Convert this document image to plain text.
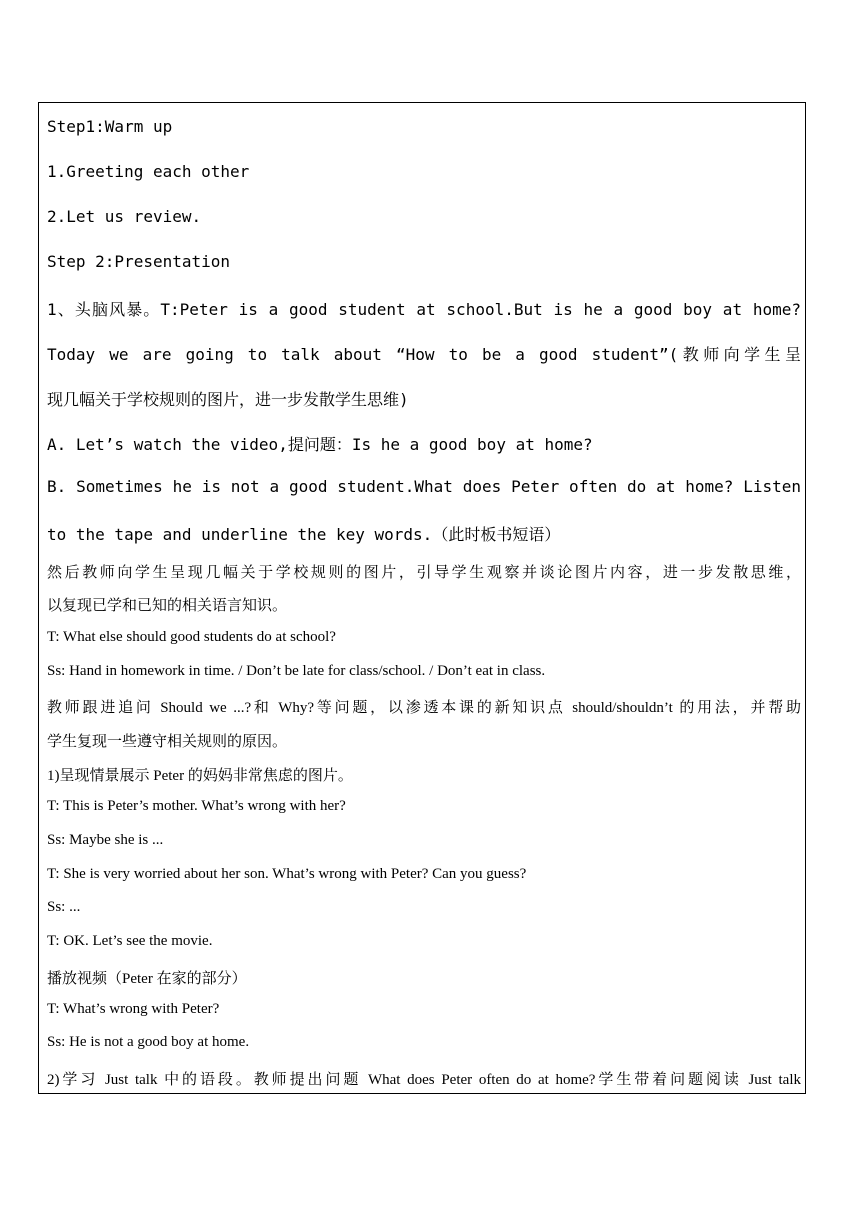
Step1:Warm up
1.Greeting each other
2.Let us review.
Step 2:Presentation
1、头脑风暴。T:Peter is a good student at school.But is he a good boy at home?
Today we are going to talk about “How to be a good student”(教师向学生呈
现几幅关于学校规则的图片，进一步发散学生思维)
A. Let’s watch the video,提问题：Is he a good boy at home?
B. Sometimes he is not a good student.What does Peter often do at home? Listen
to the tape and underline the key words.（此时板书短语）
然后教师向学生呈现几幅关于学校规则的图片，引导学生观察并谈论图片内容，进一步发散思维，
以复现已学和已知的相关语言知识。
T: What else should good students do at school?
Ss: Hand in homework in time. / Don’t be late for class/school. / Don’t eat in class.
教师跟进追问 Should we ...?和 Why?等问题，以渗透本课的新知识点 should/shouldn’t 的用法，并帮助
学生复现一些遵守相关规则的原因。
1)呈现情景展示 Peter 的妈妈非常焦虑的图片。
T: This is Peter’s mother. What’s wrong with her?
Ss: Maybe she is ...
T: She is very worried about her son. What’s wrong with Peter? Can you guess?
Ss: ...
T: OK. Let’s see the movie.
播放视频（Peter 在家的部分）
T: What’s wrong with Peter?
Ss: He is not a good boy at home.
2)学习 Just talk 中的语段。教师提出问题 What does Peter often do at home?学生带着问题阅读 Just talk
